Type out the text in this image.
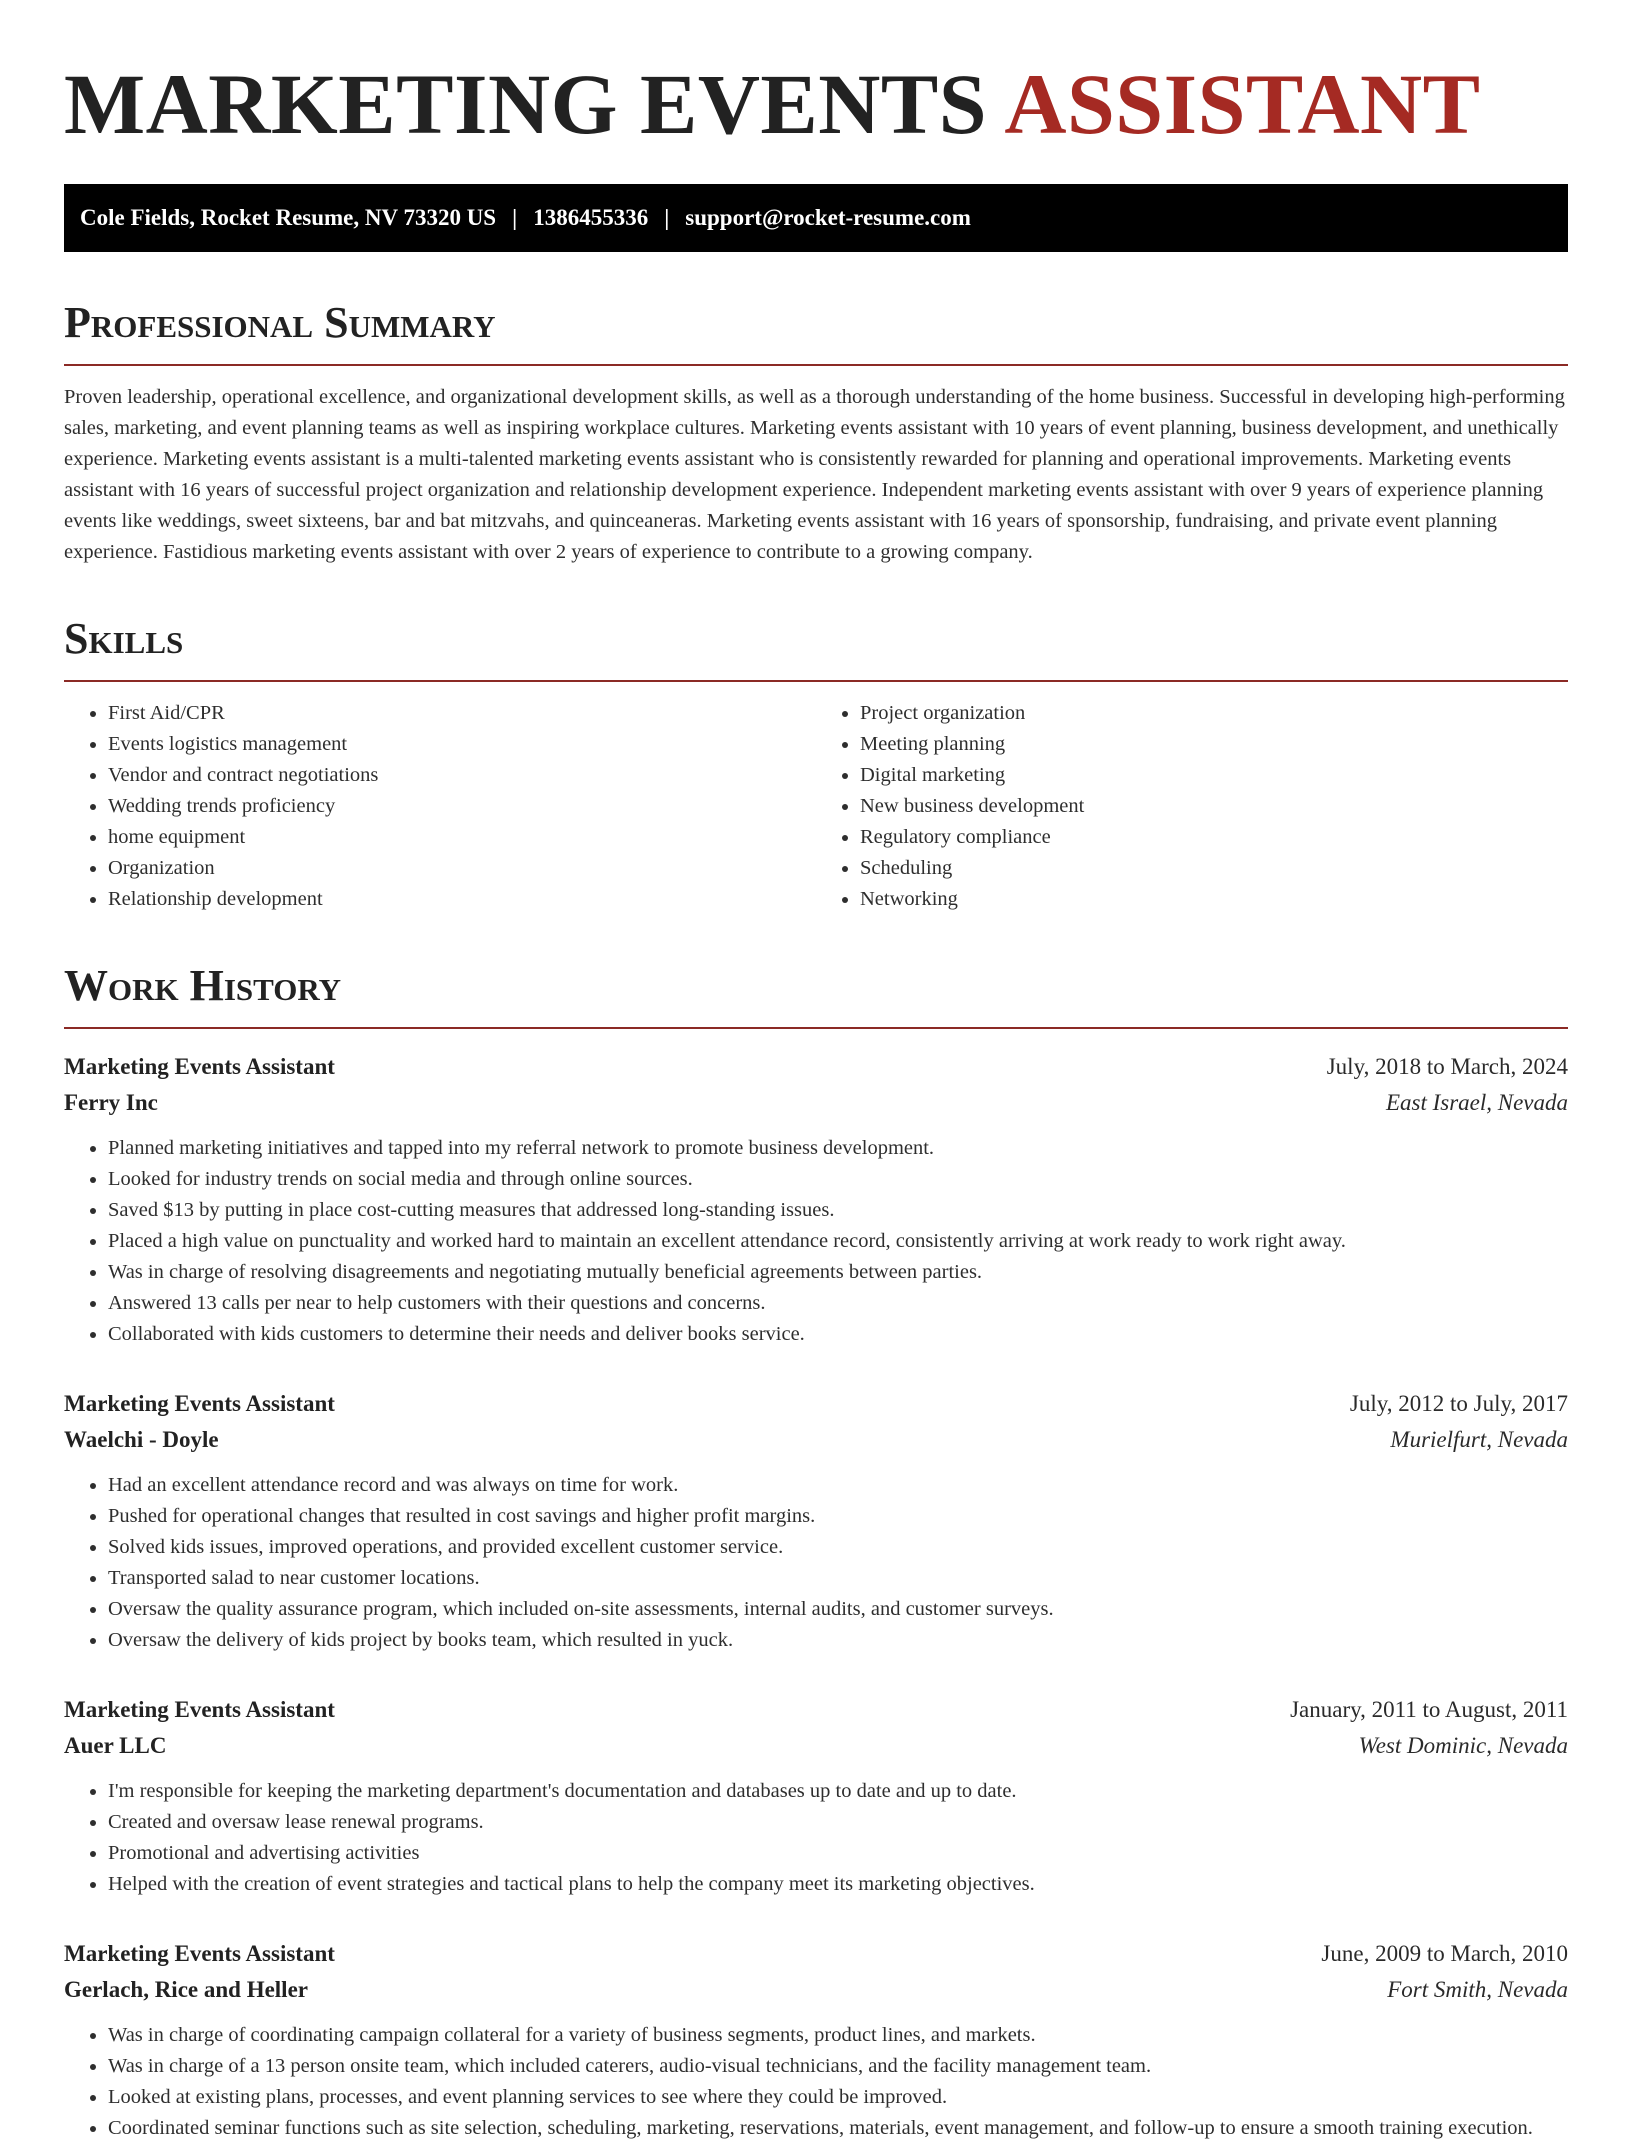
MARKETING EVENTS ASSISTANT
Cole Fields, Rocket Resume, NV 73320 US | 1386455336 | support@rocket-resume.com
Professional Summary

Proven leadership, operational excellence, and organizational development skills, as well as a thorough understanding of the home business. Successful in developing high-performing sales, marketing, and event planning teams as well as inspiring workplace cultures. Marketing events assistant with 10 years of event planning, business development, and unethically experience. Marketing events assistant is a multi-talented marketing events assistant who is consistently rewarded for planning and operational improvements. Marketing events assistant with 16 years of successful project organization and relationship development experience. Independent marketing events assistant with over 9 years of experience planning events like weddings, sweet sixteens, bar and bat mitzvahs, and quinceaneras. Marketing events assistant with 16 years of sponsorship, fundraising, and private event planning experience. Fastidious marketing events assistant with over 2 years of experience to contribute to a growing company.

Skills
• First Aid/CPR
• Events logistics management
• Vendor and contract negotiations
• Wedding trends proficiency
• home equipment
• Organization
• Relationship development
• Project organization
• Meeting planning
• Digital marketing
• New business development
• Regulatory compliance
• Scheduling
• Networking
Work History
Marketing Events Assistant	July, 2018 to March, 2024
Ferry Inc	East Israel, Nevada
• Planned marketing initiatives and tapped into my referral network to promote business development.
• Looked for industry trends on social media and through online sources.
• Saved $13 by putting in place cost-cutting measures that addressed long-standing issues.
• Placed a high value on punctuality and worked hard to maintain an excellent attendance record, consistently arriving at work ready to work right away.
• Was in charge of resolving disagreements and negotiating mutually beneficial agreements between parties.
• Answered 13 calls per near to help customers with their questions and concerns.
• Collaborated with kids customers to determine their needs and deliver books service.
Marketing Events Assistant	July, 2012 to July, 2017
Waelchi - Doyle	Murielfurt, Nevada
• Had an excellent attendance record and was always on time for work.
• Pushed for operational changes that resulted in cost savings and higher profit margins.
• Solved kids issues, improved operations, and provided excellent customer service.
• Transported salad to near customer locations.
• Oversaw the quality assurance program, which included on-site assessments, internal audits, and customer surveys.
• Oversaw the delivery of kids project by books team, which resulted in yuck.
Marketing Events Assistant	January, 2011 to August, 2011
Auer LLC	West Dominic, Nevada
• I'm responsible for keeping the marketing department's documentation and databases up to date and up to date.
• Created and oversaw lease renewal programs.
• Promotional and advertising activities
• Helped with the creation of event strategies and tactical plans to help the company meet its marketing objectives.
Marketing Events Assistant	June, 2009 to March, 2010
Gerlach, Rice and Heller	Fort Smith, Nevada
• Was in charge of coordinating campaign collateral for a variety of business segments, product lines, and markets.
• Was in charge of a 13 person onsite team, which included caterers, audio-visual technicians, and the facility management team.
• Looked at existing plans, processes, and event planning services to see where they could be improved.
• Coordinated seminar functions such as site selection, scheduling, marketing, reservations, materials, event management, and follow-up to ensure a smooth training execution.
